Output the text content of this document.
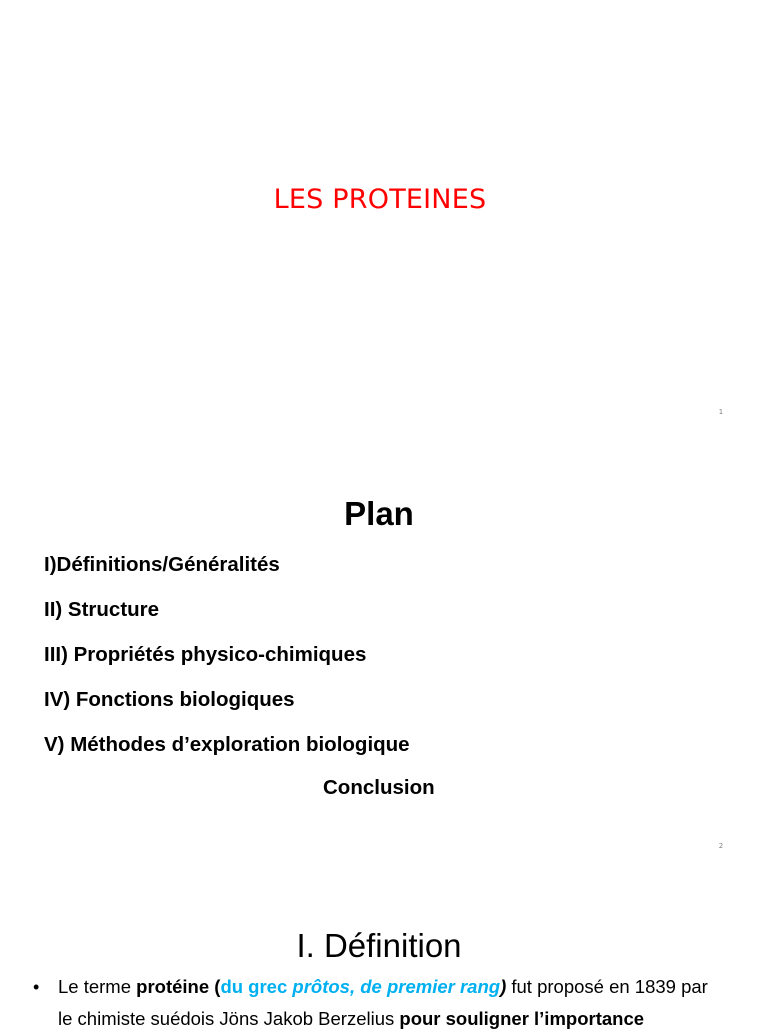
LES PROTEINES
1
Plan
I)Définitions/Généralités
II) Structure
III) Propriétés physico-chimiques
IV) Fonctions biologiques
V) Méthodes d’exploration biologique
Conclusion
2
I. Définition
• Le terme protéine (du grec prôtos, de premier rang) fut proposé en 1839 par le chimiste suédois Jöns Jakob Berzelius pour souligner l’importance
